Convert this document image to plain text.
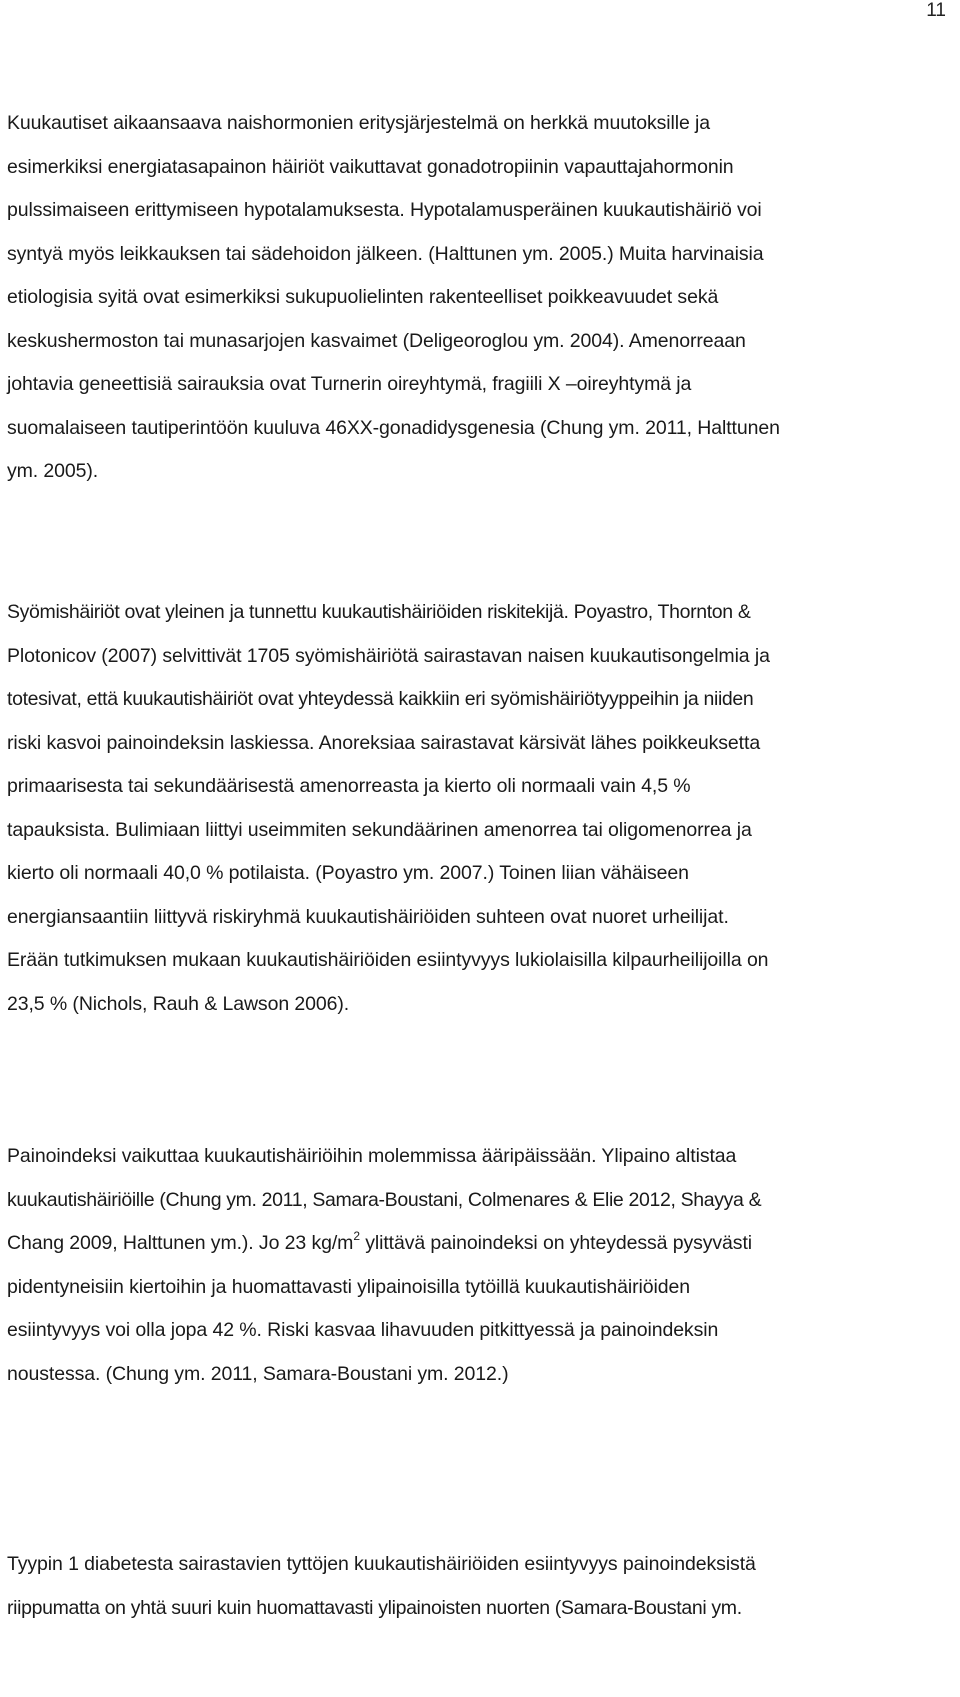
11
Kuukautiset aikaansaava naishormonien eritysjärjestelmä on herkkä muutoksille ja
esimerkiksi energiatasapainon häiriöt vaikuttavat gonadotropiinin vapauttajahormonin
pulssimaiseen erittymiseen hypotalamuksesta. Hypotalamusperäinen kuukautishäiriö voi
syntyä myös leikkauksen tai sädehoidon jälkeen. (Halttunen ym. 2005.) Muita harvinaisia
etiologisia syitä ovat esimerkiksi sukupuolielinten rakenteelliset poikkeavuudet sekä
keskushermoston tai munasarjojen kasvaimet (Deligeoroglou ym. 2004). Amenorreaan
johtavia geneettisiä sairauksia ovat Turnerin oireyhtymä, fragiili X –oireyhtymä ja
suomalaiseen tautiperintöön kuuluva 46XX-gonadidysgenesia (Chung ym. 2011, Halttunen
ym. 2005).
Syömishäiriöt ovat yleinen ja tunnettu kuukautishäiriöiden riskitekijä. Poyastro, Thornton &
Plotonicov (2007) selvittivät 1705 syömishäiriötä sairastavan naisen kuukautisongelmia ja
totesivat, että kuukautishäiriöt ovat yhteydessä kaikkiin eri syömishäiriötyyppeihin ja niiden
riski kasvoi painoindeksin laskiessa. Anoreksiaa sairastavat kärsivät lähes poikkeuksetta
primaarisesta tai sekundäärisestä amenorreasta ja kierto oli normaali vain 4,5 %
tapauksista. Bulimiaan liittyi useimmiten sekundäärinen amenorrea tai oligomenorrea ja
kierto oli normaali 40,0 % potilaista. (Poyastro ym. 2007.) Toinen liian vähäiseen
energiansaantiin liittyvä riskiryhmä kuukautishäiriöiden suhteen ovat nuoret urheilijat.
Erään tutkimuksen mukaan kuukautishäiriöiden esiintyvyys lukiolaisilla kilpaurheilijoilla on
23,5 % (Nichols, Rauh & Lawson 2006).
Painoindeksi vaikuttaa kuukautishäiriöihin molemmissa ääripäissään. Ylipaino altistaa
kuukautishäiriöille (Chung ym. 2011, Samara-Boustani, Colmenares & Elie 2012, Shayya &
Chang 2009, Halttunen ym.). Jo 23 $kg/m^2$ ylittävä painoindeksi on yhteydessä pysyvästi
pidentyneisiin kiertoihin ja huomattavasti ylipainoisilla tytöillä kuukautishäiriöiden
esiintyvyys voi olla jopa 42 %. Riski kasvaa lihavuuden pitkittyessä ja painoindeksin
noustessa. (Chung ym. 2011, Samara-Boustani ym. 2012.)
Tyypin 1 diabetesta sairastavien tyttöjen kuukautishäiriöiden esiintyvyys painoindeksistä
riippumatta on yhtä suuri kuin huomattavasti ylipainoisten nuorten (Samara-Boustani ym.
